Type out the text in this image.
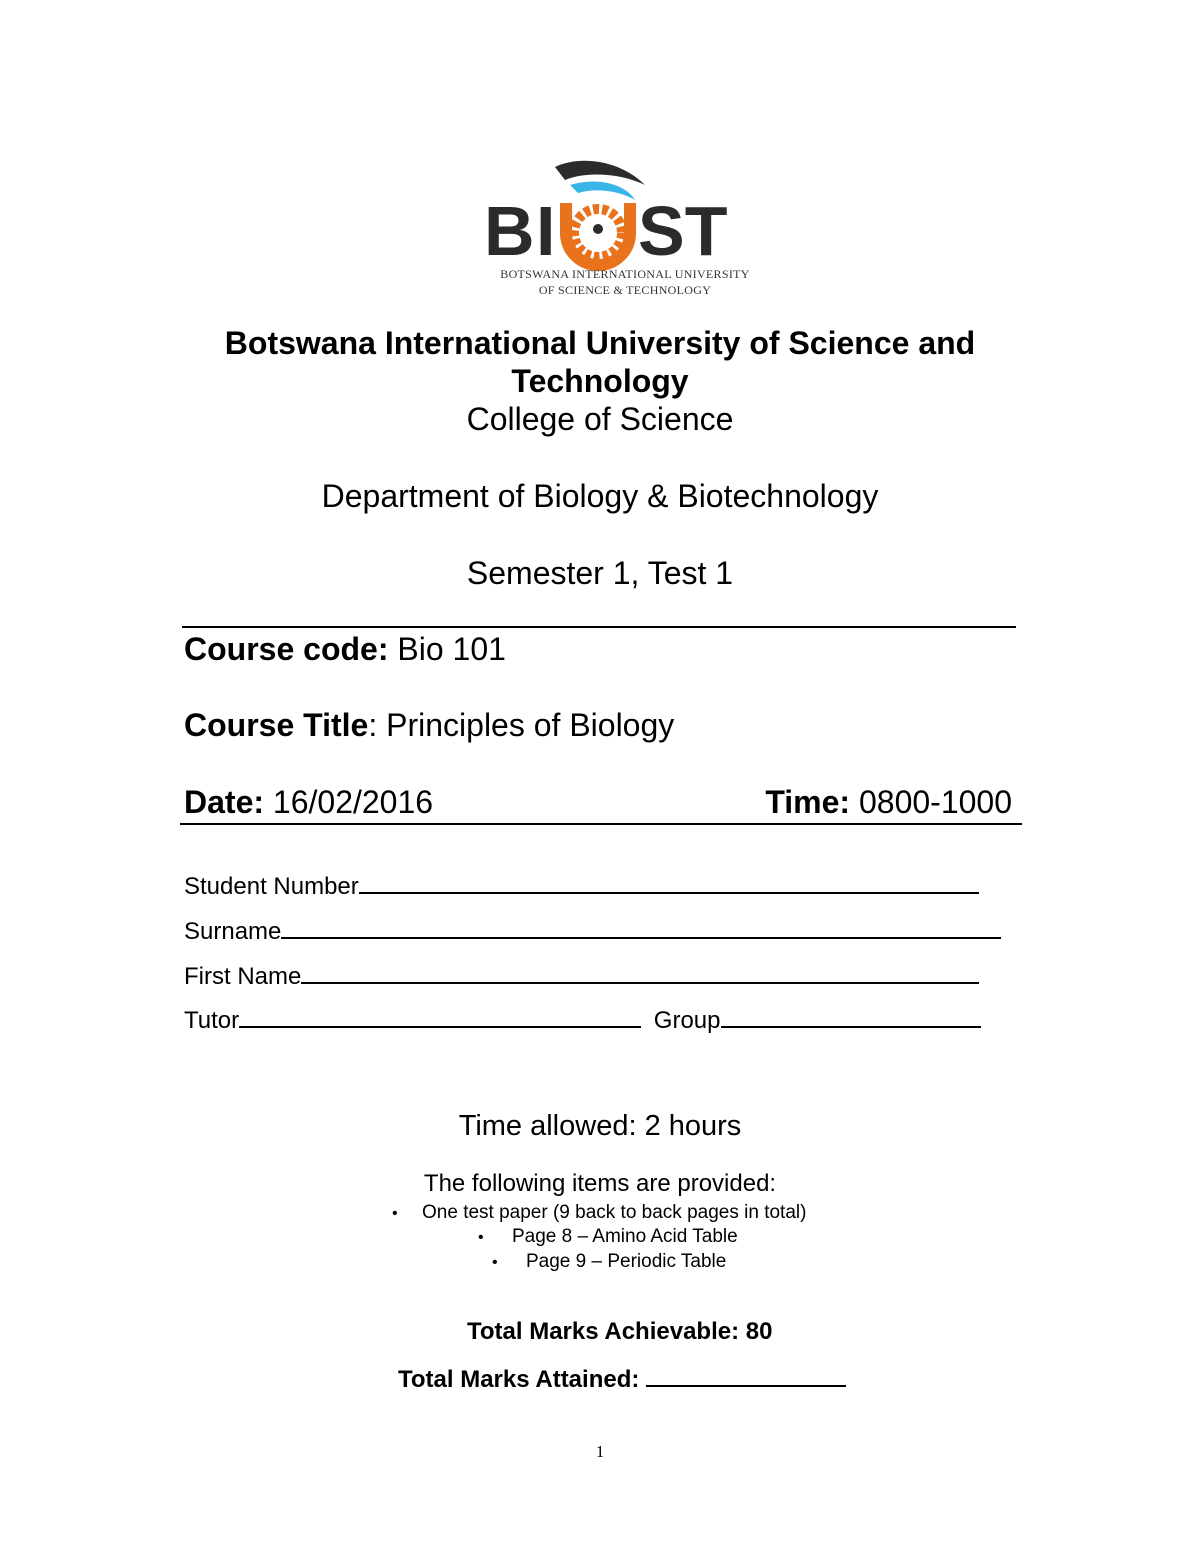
B I ST
BOTSWANA INTERNATIONAL UNIVERSITY
OF SCIENCE & TECHNOLOGY
Botswana International University of Science and
Technology
College of Science
Department of Biology & Biotechnology
Semester 1, Test 1
Course code: Bio 101
Course Title: Principles of Biology
Date: 16/02/2016	Time: 0800-1000
Student Number
Surname
First Name
Tutor	Group
Time allowed: 2 hours
The following items are provided:
• One test paper (9 back to back pages in total)
• Page 8 – Amino Acid Table
• Page 9 – Periodic Table
Total Marks Achievable: 80
Total Marks Attained:
1
